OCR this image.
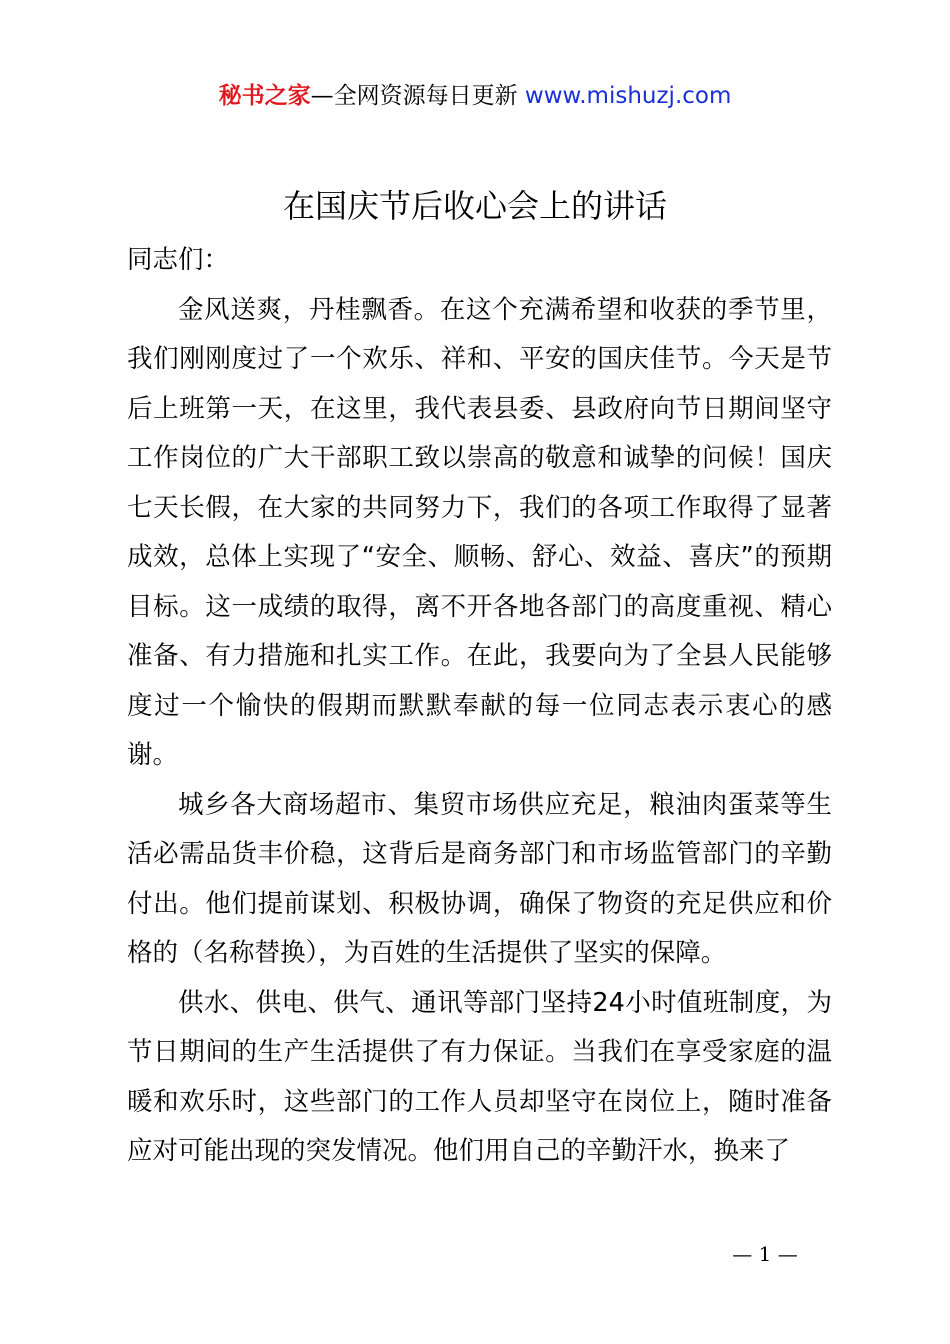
秘书之家—全网资源每日更新 www.mishuzj.com
在国庆节后收心会上的讲话

同志们：

金风送爽，丹桂飘香。在这个充满希望和收获的季节里，我们刚刚度过了一个欢乐、祥和、平安的国庆佳节。今天是节后上班第一天，在这里，我代表县委、县政府向节日期间坚守工作岗位的广大干部职工致以崇高的敬意和诚挚的问候！国庆七天长假，在大家的共同努力下，我们的各项工作取得了显著成效，总体上实现了“安全、顺畅、舒心、效益、喜庆”的预期目标。这一成绩的取得，离不开各地各部门的高度重视、精心准备、有力措施和扎实工作。在此，我要向为了全县人民能够度过一个愉快的假期而默默奉献的每一位同志表示衷心的感谢。

城乡各大商场超市、集贸市场供应充足，粮油肉蛋菜等生活必需品货丰价稳，这背后是商务部门和市场监管部门的辛勤付出。他们提前谋划、积极协调，确保了物资的充足供应和价格的（名称替换），为百姓的生活提供了坚实的保障。

供水、供电、供气、通讯等部门坚持24小时值班制度，为节日期间的生产生活提供了有力保证。当我们在享受家庭的温暖和欢乐时，这些部门的工作人员却坚守在岗位上，随时准备应对可能出现的突发情况。他们用自己的辛勤汗水，换来了

— 1 —
